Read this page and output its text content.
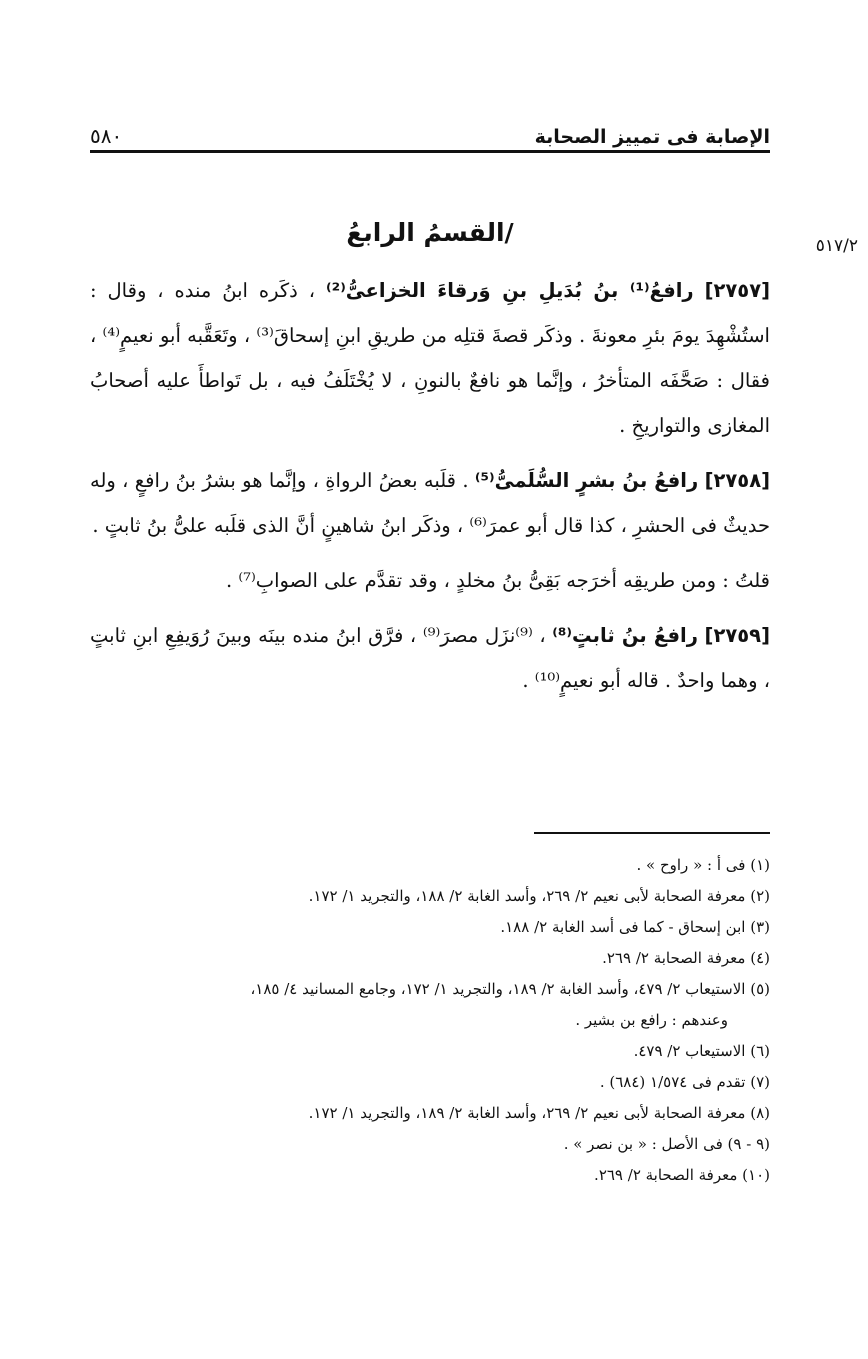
الإصابة فى تمييز الصحابة
٥٨٠
٥١٧/٢
/القسمُ الرابعُ

[٢٧٥٧] رافعُ⁽¹⁾ بنُ بُدَيلِ بنِ وَرقاءَ الخزاعىُّ⁽²⁾ ، ذكَره ابنُ منده ، وقال : استُشْهِدَ يومَ بئرِ معونةَ . وذكَر قصةَ قتلِه من طريقِ ابنِ إسحاقَ⁽³⁾ ، وتَعَقَّبه أبو نعيمٍ⁽⁴⁾ ، فقال : صَحَّفَه المتأخرُ ، وإنَّما هو نافعٌ بالنونِ ، لا يُخْتَلَفُ فيه ، بل تَواطأَ عليه أصحابُ المغازى والتواريخِ .

[٢٧٥٨] رافعُ بنُ بشرٍ السُّلَمىُّ⁽⁵⁾ . قلَبه بعضُ الرواةِ ، وإنَّما هو بشرُ بنُ رافعٍ ، وله حديثٌ فى الحشرِ ، كذا قال أبو عمرَ⁽⁶⁾ ، وذكَر ابنُ شاهينٍ أنَّ الذى قلَبه علىُّ بنُ ثابتٍ .

قلتُ : ومن طريقِه أخرَجه بَقِىُّ بنُ مخلدٍ ، وقد تقدَّم على الصوابِ⁽⁷⁾ .

[٢٧٥٩] رافعُ بنُ ثابتٍ⁽⁸⁾ ، ⁽⁹⁾نزَل مصرَ⁽⁹⁾ ، فرَّق ابنُ منده بينَه وبينَ رُوَيفِعِ ابنِ ثابتٍ ، وهما واحدٌ . قاله أبو نعيمٍ⁽¹⁰⁾ .

(١) فى أ : « راوح » .
(٢) معرفة الصحابة لأبى نعيم ٢/ ٢٦٩، وأسد الغابة ٢/ ١٨٨، والتجريد ١/ ١٧٢.
(٣) ابن إسحاق - كما فى أسد الغابة ٢/ ١٨٨.
(٤) معرفة الصحابة ٢/ ٢٦٩.
(٥) الاستيعاب ٢/ ٤٧٩، وأسد الغابة ٢/ ١٨٩، والتجريد ١/ ١٧٢، وجامع المسانيد ٤/ ١٨٥،
وعندهم : رافع بن بشير .
(٦) الاستيعاب ٢/ ٤٧٩.
(٧) تقدم فى ١/٥٧٤ (٦٨٤) .
(٨) معرفة الصحابة لأبى نعيم ٢/ ٢٦٩، وأسد الغابة ٢/ ١٨٩، والتجريد ١/ ١٧٢.
(٩ - ٩) فى الأصل : « بن نصر » .
(١٠) معرفة الصحابة ٢/ ٢٦٩.
